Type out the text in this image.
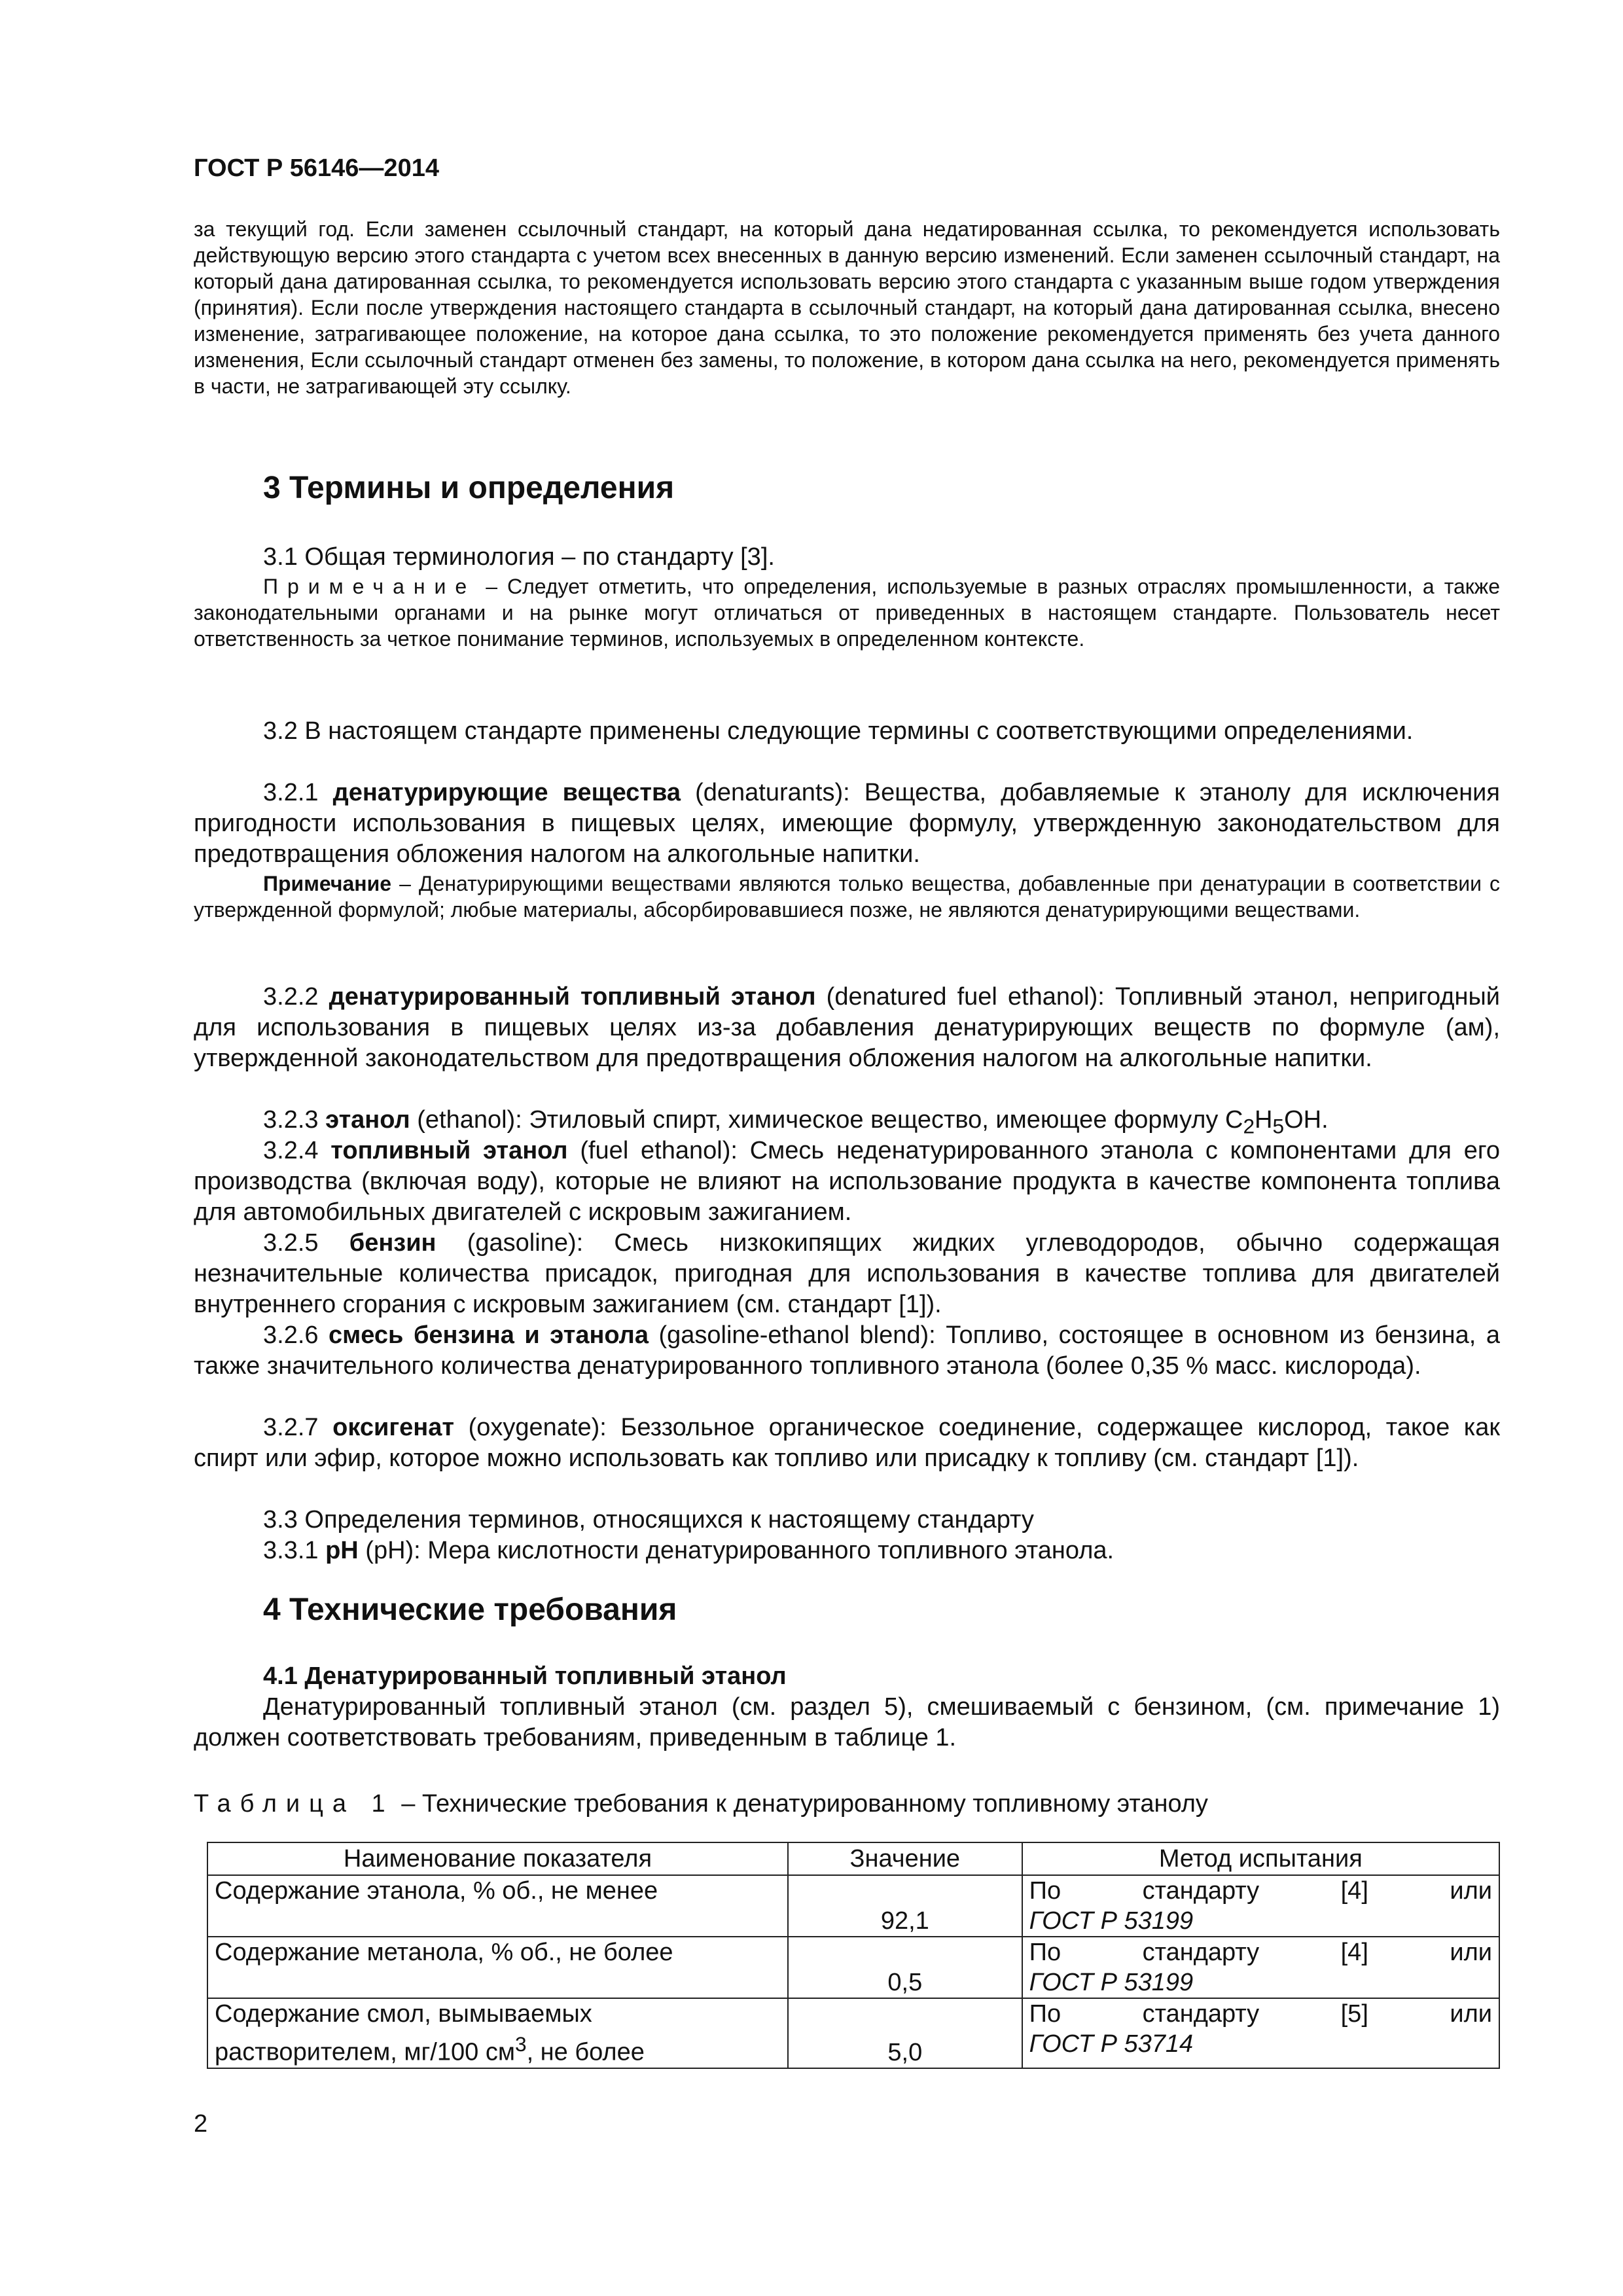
ГОСТ Р 56146—2014
за текущий год. Если заменен ссылочный стандарт, на который дана недатированная ссылка, то рекомендуется использовать действующую версию этого стандарта с учетом всех внесенных в данную версию изменений. Если заменен ссылочный стандарт, на который дана датированная ссылка, то рекомендуется использовать версию этого стандарта с указанным выше годом утверждения (принятия). Если после утверждения настоящего стандарта в ссылочный стандарт, на который дана датированная ссылка, внесено изменение, затрагивающее положение, на которое дана ссылка, то это положение рекомендуется применять без учета данного изменения, Если ссылочный стандарт отменен без замены, то положение, в котором дана ссылка на него, рекомендуется применять в части, не затрагивающей эту ссылку.
3 Термины и определения
3.1 Общая терминология – по стандарту [3].
Примечание – Следует отметить, что определения, используемые в разных отраслях промышленности, а также законодательными органами и на рынке могут отличаться от приведенных в настоящем стандарте. Пользователь несет ответственность за четкое понимание терминов, используемых в определенном контексте.
3.2 В настоящем стандарте применены следующие термины с соответствующими определениями.
3.2.1 денатурирующие вещества (denaturants): Вещества, добавляемые к этанолу для исключения пригодности использования в пищевых целях, имеющие формулу, утвержденную законодательством для предотвращения обложения налогом на алкогольные напитки.
Примечание – Денатурирующими веществами являются только вещества, добавленные при денатурации в соответствии с утвержденной формулой; любые материалы, абсорбировавшиеся позже, не являются денатурирующими веществами.
3.2.2 денатурированный топливный этанол (denatured fuel ethanol): Топливный этанол, непригодный для использования в пищевых целях из-за добавления денатурирующих веществ по формуле (ам), утвержденной законодательством для предотвращения обложения налогом на алкогольные напитки.
3.2.3 этанол (ethanol): Этиловый спирт, химическое вещество, имеющее формулу $C_2H_5OH$.
3.2.4 топливный этанол (fuel ethanol): Смесь неденатурированного этанола с компонентами для его производства (включая воду), которые не влияют на использование продукта в качестве компонента топлива для автомобильных двигателей с искровым зажиганием.
3.2.5 бензин (gasoline): Смесь низкокипящих жидких углеводородов, обычно содержащая незначительные количества присадок, пригодная для использования в качестве топлива для двигателей внутреннего сгорания с искровым зажиганием (см. стандарт [1]).
3.2.6 смесь бензина и этанола (gasoline-ethanol blend): Топливо, состоящее в основном из бензина, а также значительного количества денатурированного топливного этанола (более 0,35 % масс. кислорода).
3.2.7 оксигенат (oxygenate): Беззольное органическое соединение, содержащее кислород, такое как спирт или эфир, которое можно использовать как топливо или присадку к топливу (см. стандарт [1]).
3.3 Определения терминов, относящихся к настоящему стандарту
3.3.1 pH (pH): Мера кислотности денатурированного топливного этанола.
4 Технические требования
4.1 Денатурированный топливный этанол
Денатурированный топливный этанол (см. раздел 5), смешиваемый с бензином, (см. примечание 1) должен соответствовать требованиям, приведенным в таблице 1.
Таблица 1 – Технические требования к денатурированному топливному этанолу
Наименование показателя	Значение	Метод испытания
Содержание этанола, % об., не менее	92,1	По стандарту [4] или
ГОСТ Р 53199

Содержание метанола, % об., не более	0,5	По стандарту [4] или
ГОСТ Р 53199

Содержание смол, вымываемых растворителем, мг/100 $см^3$, не более	5,0	По стандарту [5] или
ГОСТ Р 53714
2
